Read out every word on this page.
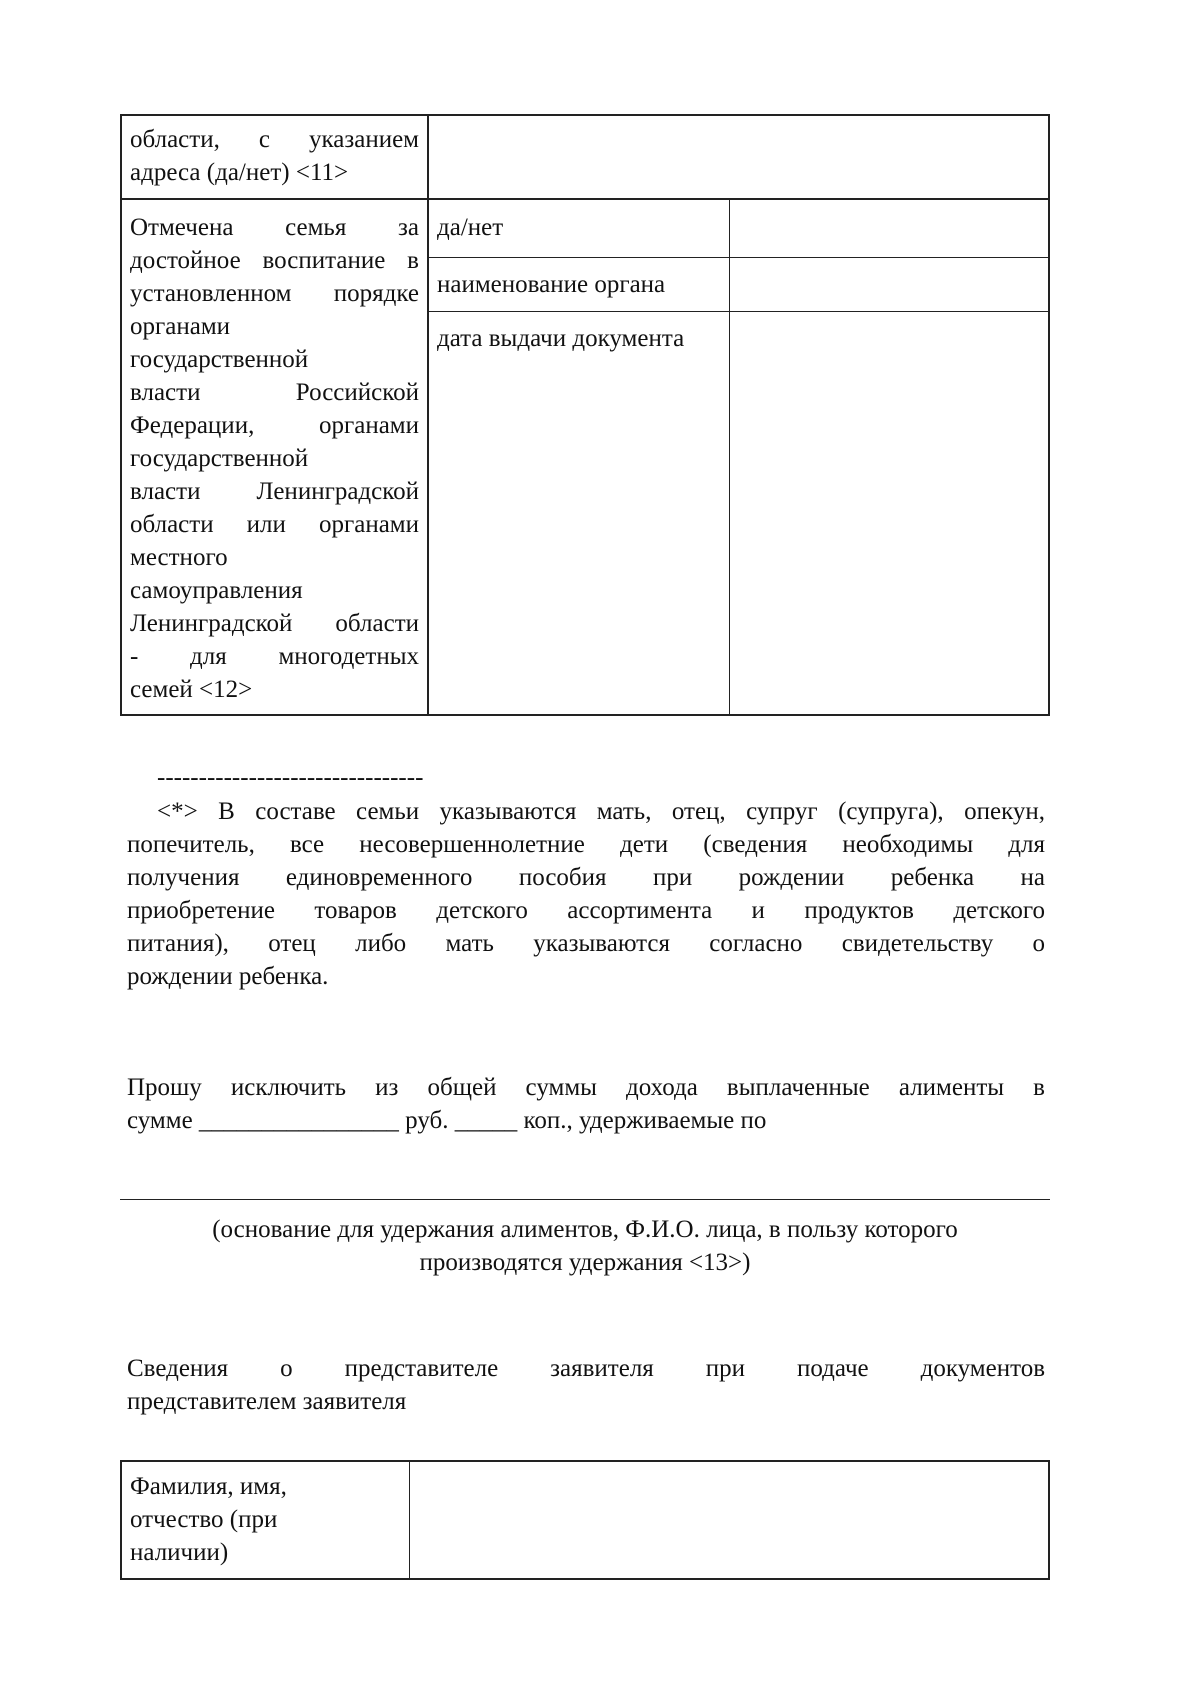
области, с указанием

адреса (да/нет) <11>

Отмечена семья за

достойное воспитание в

установленном порядке

органами

государственной

власти Российской

Федерации, органами

государственной

власти Ленинградской

области или органами

местного

самоуправления

Ленинградской области

- для многодетных

семей <12>

да/нет
наименование органа
дата выдачи документа
--------------------------------

<*> В составе семьи указываются мать, отец, супруг (супруга), опекун,

попечитель, все несовершеннолетние дети (сведения необходимы для

получения единовременного пособия при рождении ребенка на

приобретение товаров детского ассортимента и продуктов детского

питания), отец либо мать указываются согласно свидетельству о

рождении ребенка.

Прошу исключить из общей суммы дохода выплаченные алименты в

сумме ________________ руб. _____ коп., удерживаемые по

(основание для удержания алиментов, Ф.И.О. лица, в пользу которого

производятся удержания <13>)

Сведения о представителе заявителя при подаче документов

представителем заявителя

Фамилия, имя,

отчество (при

наличии)
